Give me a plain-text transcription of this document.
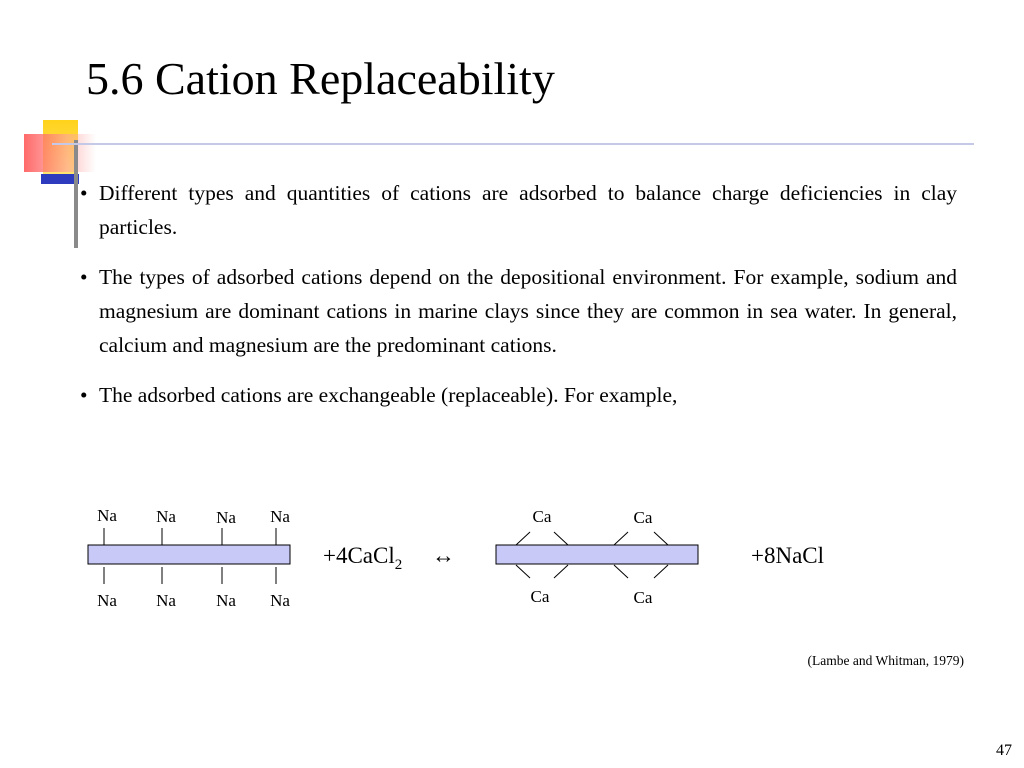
5.6 Cation Replaceability
• Different types and quantities of cations are adsorbed to balance charge deficiencies in clay particles.
• The types of adsorbed cations depend on the depositional environment. For example, sodium and magnesium are dominant cations in marine clays since they are common in sea water. In general, calcium and magnesium are the predominant cations.
• The adsorbed cations are exchangeable (replaceable). For example,
Na Na Na Na
Na Na Na Na
+4CaCl$_2$ ↔
Ca	Ca
Ca	Ca
+8NaCl
(Lambe and Whitman, 1979)
47
